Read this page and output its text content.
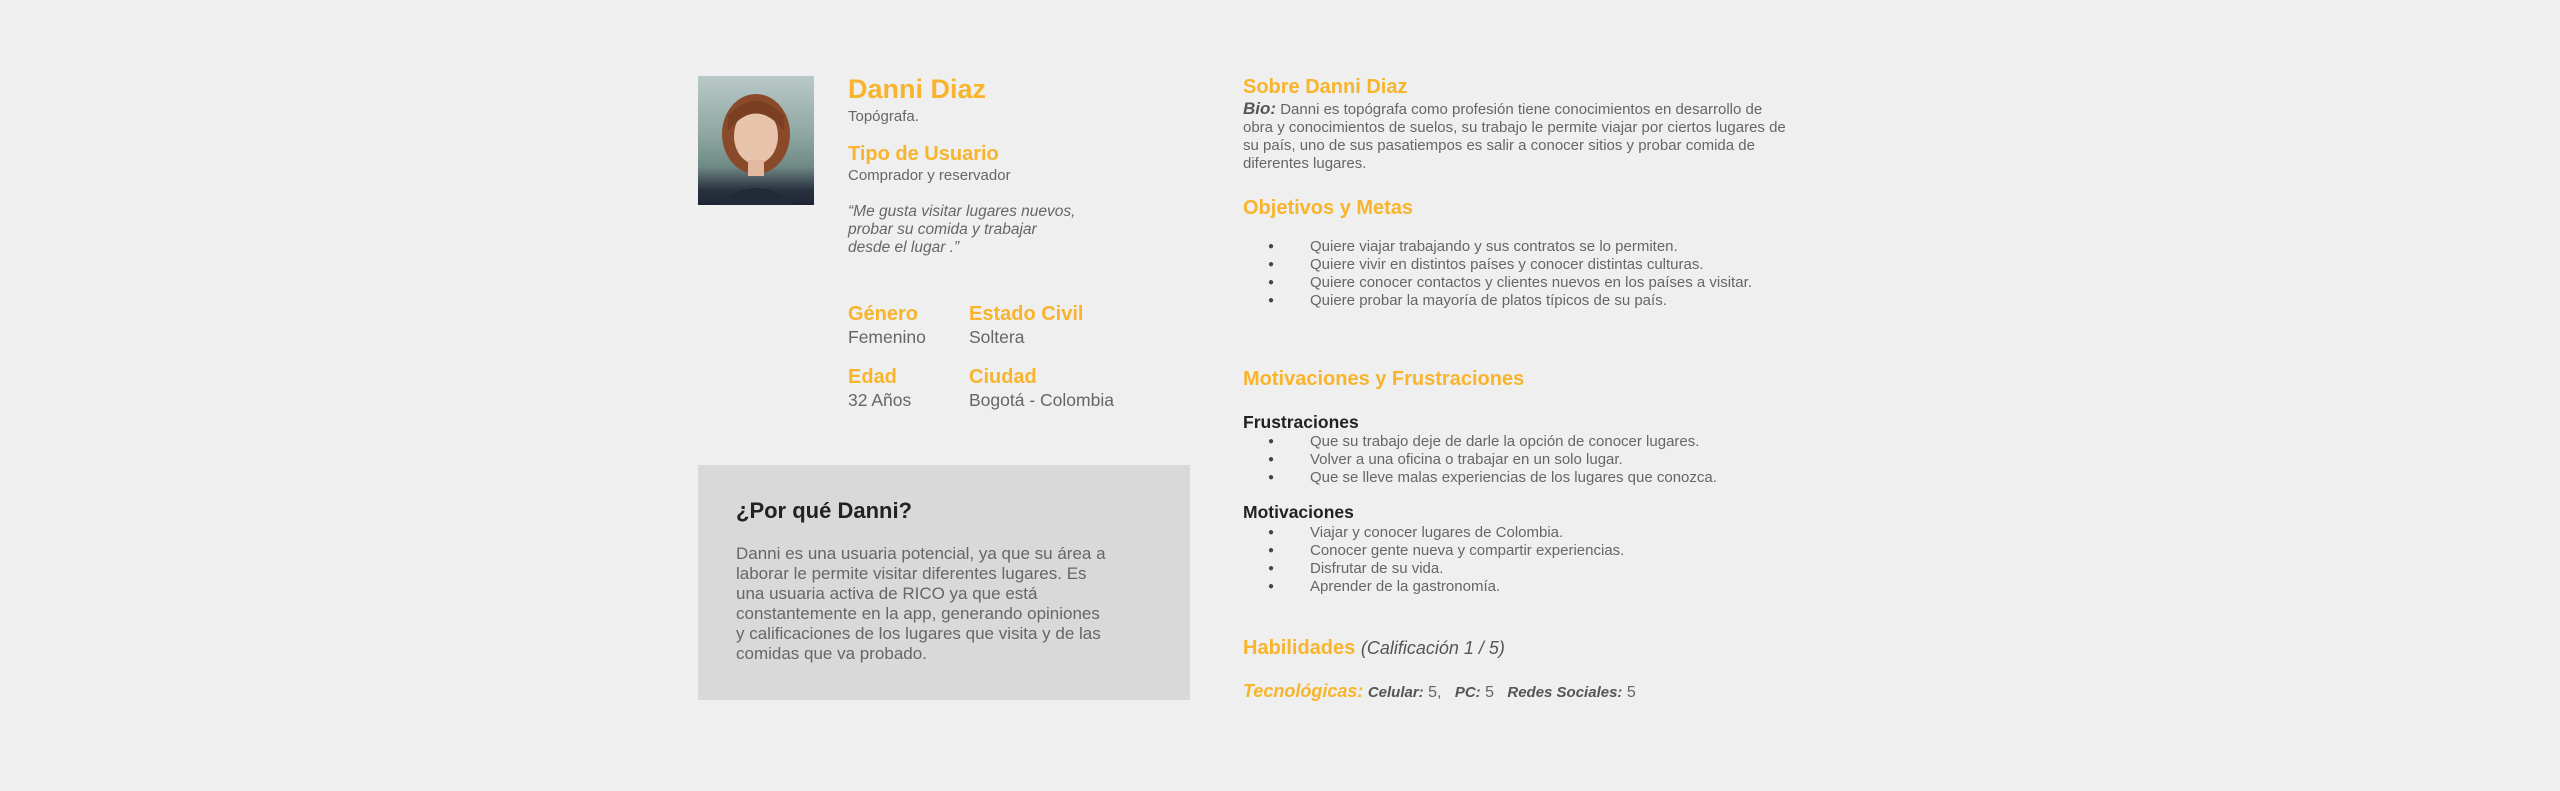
Danni Diaz
Topógrafa.
Tipo de Usuario
Comprador y reservador
“Me gusta visitar lugares nuevos,
probar su comida y trabajar
desde el lugar .”
Género
Femenino
Estado Civil
Soltera
Edad
32 Años
Ciudad
Bogotá - Colombia
¿Por qué Danni?
Danni es una usuaria potencial, ya que su área a
laborar le permite visitar diferentes lugares. Es
una usuaria activa de RICO ya que está
constantemente en la app, generando opiniones
y calificaciones de los lugares que visita y de las
comidas que va probado.
Sobre Danni Diaz
Bio: Danni es topógrafa como profesión tiene conocimientos en desarrollo de
obra y conocimientos de suelos, su trabajo le permite viajar por ciertos lugares de
su país, uno de sus pasatiempos es salir a conocer sitios y probar comida de
diferentes lugares.
Objetivos y Metas
● Quiere viajar trabajando y sus contratos se lo permiten.
● Quiere vivir en distintos países y conocer distintas culturas.
● Quiere conocer contactos y clientes nuevos en los países a visitar.
● Quiere probar la mayoría de platos típicos de su país.
Motivaciones y Frustraciones
Frustraciones
● Que su trabajo deje de darle la opción de conocer lugares.
● Volver a una oficina o trabajar en un solo lugar.
● Que se lleve malas experiencias de los lugares que conozca.
Motivaciones
● Viajar y conocer lugares de Colombia.
● Conocer gente nueva y compartir experiencias.
● Disfrutar de su vida.
● Aprender de la gastronomía.
Habilidades (Calificación 1 / 5)
Tecnológicas: Celular: 5, PC: 5 Redes Sociales: 5
